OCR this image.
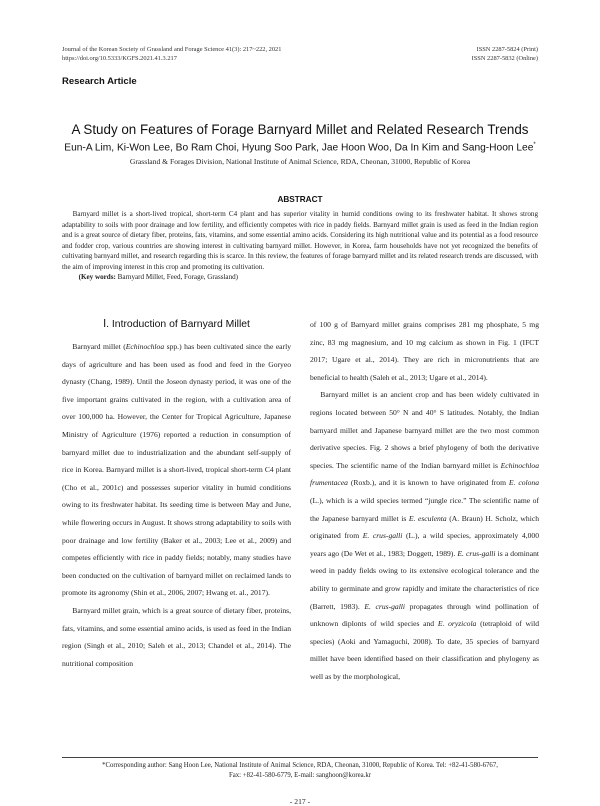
Journal of the Korean Society of Grassland and Forage Science 41(3): 217~222, 2021
https://doi.org/10.5333/KGFS.2021.41.3.217
ISSN 2287-5824 (Print)
ISSN 2287-5832 (Online)
Research Article
A Study on Features of Forage Barnyard Millet and Related Research Trends
Eun-A Lim, Ki-Won Lee, Bo Ram Choi, Hyung Soo Park, Jae Hoon Woo, Da In Kim and Sang-Hoon Lee*
Grassland & Forages Division, National Institute of Animal Science, RDA, Cheonan, 31000, Republic of Korea
ABSTRACT

Barnyard millet is a short-lived tropical, short-term C4 plant and has superior vitality in humid conditions owing to its freshwater habitat. It shows strong adaptability to soils with poor drainage and low fertility, and efficiently competes with rice in paddy fields. Barnyard millet grain is used as feed in the Indian region and is a great source of dietary fiber, proteins, fats, vitamins, and some essential amino acids. Considering its high nutritional value and its potential as a food resource and fodder crop, various countries are showing interest in cultivating barnyard millet. However, in Korea, farm households have not yet recognized the benefits of cultivating barnyard millet, and research regarding this is scarce. In this review, the features of forage barnyard millet and its related research trends are discussed, with the aim of improving interest in this crop and promoting its cultivation.

(Key words: Barnyard Millet, Feed, Forage, Grassland)

Ⅰ. Introduction of Barnyard Millet

Barnyard millet (Echinochloa spp.) has been cultivated since the early days of agriculture and has been used as food and feed in the Goryeo dynasty (Chang, 1989). Until the Joseon dynasty period, it was one of the five important grains cultivated in the region, with a cultivation area of over 100,000 ha. However, the Center for Tropical Agriculture, Japanese Ministry of Agriculture (1976) reported a reduction in consumption of barnyard millet due to industrialization and the abundant self-supply of rice in Korea. Barnyard millet is a short-lived, tropical short-term C4 plant (Cho et al., 2001c) and possesses superior vitality in humid conditions owing to its freshwater habitat. Its seeding time is between May and June, while flowering occurs in August. It shows strong adaptability to soils with poor drainage and low fertility (Baker et al., 2003; Lee et al., 2009) and competes efficiently with rice in paddy fields; notably, many studies have been conducted on the cultivation of barnyard millet on reclaimed lands to promote its agronomy (Shin et al., 2006, 2007; Hwang et. al., 2017).

Barnyard millet grain, which is a great source of dietary fiber, proteins, fats, vitamins, and some essential amino acids, is used as feed in the Indian region (Singh et al., 2010; Saleh et al., 2013; Chandel et al., 2014). The nutritional composition

of 100 g of Barnyard millet grains comprises 281 mg phosphate, 5 mg zinc, 83 mg magnesium, and 10 mg calcium as shown in Fig. 1 (IFCT 2017; Ugare et al., 2014). They are rich in micronutrients that are beneficial to health (Saleh et al., 2013; Ugare et al., 2014).

Barnyard millet is an ancient crop and has been widely cultivated in regions located between 50° N and 40° S latitudes. Notably, the Indian barnyard millet and Japanese barnyard millet are the two most common derivative species. Fig. 2 shows a brief phylogeny of both the derivative species. The scientific name of the Indian barnyard millet is Echinochloa frumentacea (Roxb.), and it is known to have originated from E. colona (L.), which is a wild species termed “jungle rice.” The scientific name of the Japanese barnyard millet is E. esculenta (A. Braun) H. Scholz, which originated from E. crus-galli (L.), a wild species, approximately 4,000 years ago (De Wet et al., 1983; Doggett, 1989). E. crus-galli is a dominant weed in paddy fields owing to its extensive ecological tolerance and the ability to germinate and grow rapidly and imitate the characteristics of rice (Barrett, 1983). E. crus-galli propagates through wind pollination of unknown diplonts of wild species and E. oryzicola (tetraploid of wild species) (Aoki and Yamaguchi, 2008). To date, 35 species of barnyard millet have been identified based on their classification and phylogeny as well as by the morphological,

*Corresponding author: Sang Hoon Lee, National Institute of Animal Science, RDA, Cheonan, 31000, Republic of Korea. Tel: +82-41-580-6767,
Fax: +82-41-580-6779, E-mail: sanghoon@korea.kr
- 217 -
